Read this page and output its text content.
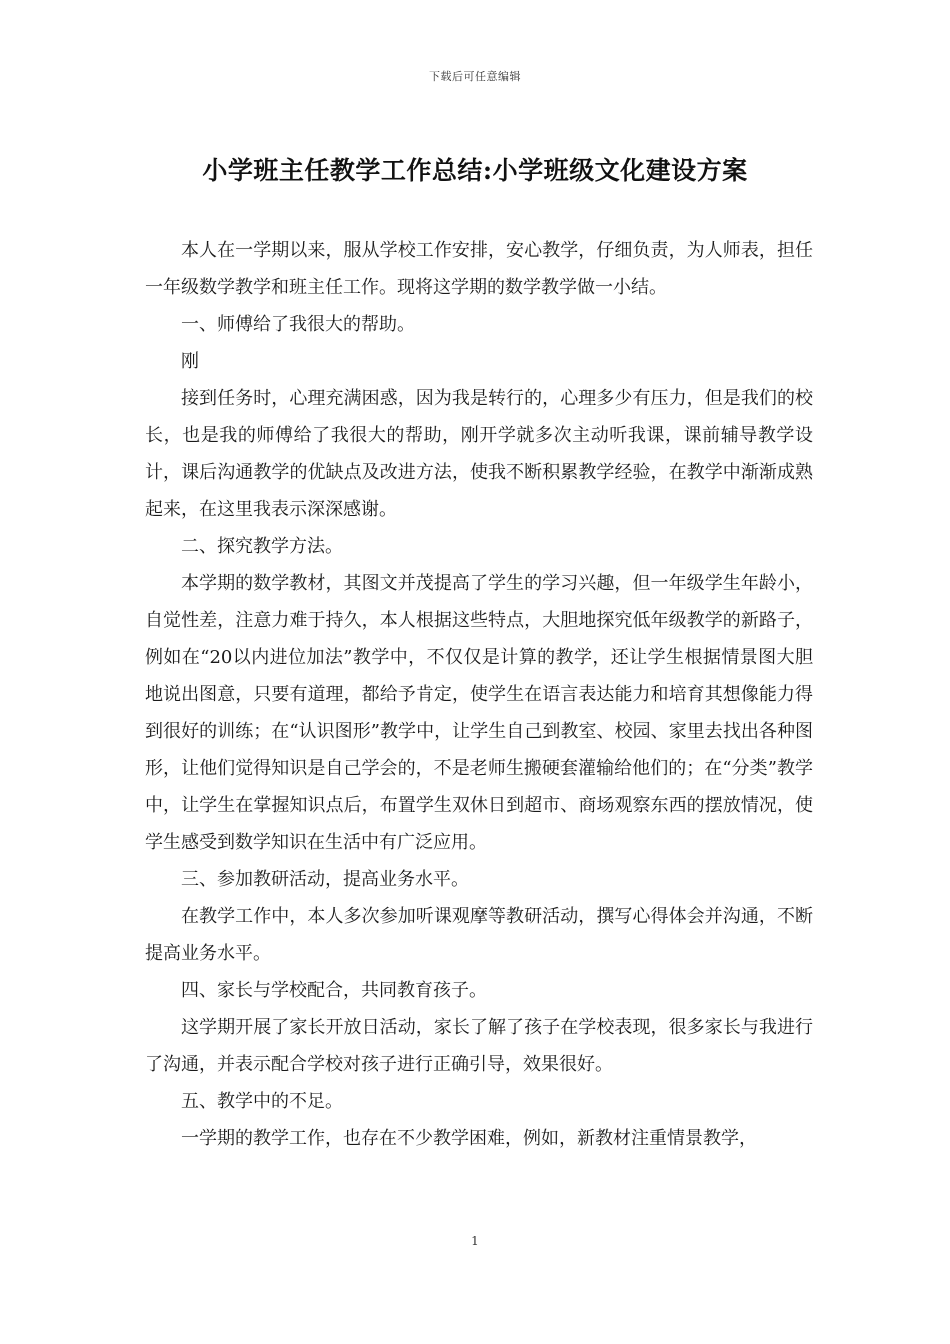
下载后可任意编辑
小学班主任教学工作总结:小学班级文化建设方案

本人在一学期以来，服从学校工作安排，安心教学，仔细负责，为人师表，担任一年级数学教学和班主任工作。现将这学期的数学教学做一小结。

一、师傅给了我很大的帮助。

刚

接到任务时，心理充满困惑，因为我是转行的，心理多少有压力，但是我们的校长，也是我的师傅给了我很大的帮助，刚开学就多次主动听我课，课前辅导教学设计，课后沟通教学的优缺点及改进方法，使我不断积累教学经验，在教学中渐渐成熟起来，在这里我表示深深感谢。

二、探究教学方法。

本学期的数学教材，其图文并茂提高了学生的学习兴趣，但一年级学生年龄小，自觉性差，注意力难于持久，本人根据这些特点，大胆地探究低年级教学的新路子，例如在“20以内进位加法”教学中，不仅仅是计算的教学，还让学生根据情景图大胆地说出图意，只要有道理，都给予肯定，使学生在语言表达能力和培育其想像能力得到很好的训练；在“认识图形”教学中，让学生自己到教室、校园、家里去找出各种图形，让他们觉得知识是自己学会的，不是老师生搬硬套灌输给他们的；在“分类”教学中，让学生在掌握知识点后，布置学生双休日到超市、商场观察东西的摆放情况，使学生感受到数学知识在生活中有广泛应用。

三、参加教研活动，提高业务水平。

在教学工作中，本人多次参加听课观摩等教研活动，撰写心得体会并沟通，不断提高业务水平。

四、家长与学校配合，共同教育孩子。

这学期开展了家长开放日活动，家长了解了孩子在学校表现，很多家长与我进行了沟通，并表示配合学校对孩子进行正确引导，效果很好。

五、教学中的不足。

一学期的教学工作，也存在不少教学困难，例如，新教材注重情景教学，

1
